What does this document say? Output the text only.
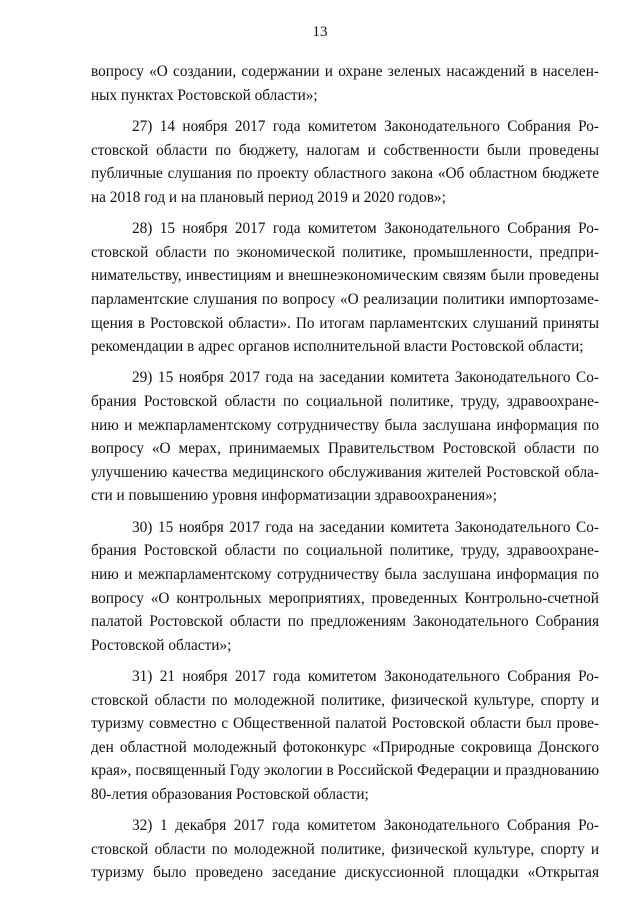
13
вопросу «О создании, содержании и охране зеленых насаждений в населен-
ных пунктах Ростовской области»;
27) 14 ноября 2017 года комитетом Законодательного Собрания Ро-
стовской области по бюджету, налогам и собственности были проведены
публичные слушания по проекту областного закона «Об областном бюджете
на 2018 год и на плановый период 2019 и 2020 годов»;
28) 15 ноября 2017 года комитетом Законодательного Собрания Ро-
стовской области по экономической политике, промышленности, предпри-
нимательству, инвестициям и внешнеэкономическим связям были проведены
парламентские слушания по вопросу «О реализации политики импортозаме-
щения в Ростовской области». По итогам парламентских слушаний приняты
рекомендации в адрес органов исполнительной власти Ростовской области;
29) 15 ноября 2017 года на заседании комитета Законодательного Со-
брания Ростовской области по социальной политике, труду, здравоохране-
нию и межпарламентскому сотрудничеству была заслушана информация по
вопросу «О мерах, принимаемых Правительством Ростовской области по
улучшению качества медицинского обслуживания жителей Ростовской обла-
сти и повышению уровня информатизации здравоохранения»;
30) 15 ноября 2017 года на заседании комитета Законодательного Со-
брания Ростовской области по социальной политике, труду, здравоохране-
нию и межпарламентскому сотрудничеству была заслушана информация по
вопросу «О контрольных мероприятиях, проведенных Контрольно-счетной
палатой Ростовской области по предложениям Законодательного Собрания
Ростовской области»;
31) 21 ноября 2017 года комитетом Законодательного Собрания Ро-
стовской области по молодежной политике, физической культуре, спорту и
туризму совместно с Общественной палатой Ростовской области был прове-
ден областной молодежный фотоконкурс «Природные сокровища Донского
края», посвященный Году экологии в Российской Федерации и празднованию
80-летия образования Ростовской области;
32) 1 декабря 2017 года комитетом Законодательного Собрания Ро-
стовской области по молодежной политике, физической культуре, спорту и
туризму было проведено заседание дискуссионной площадки «Открытая
